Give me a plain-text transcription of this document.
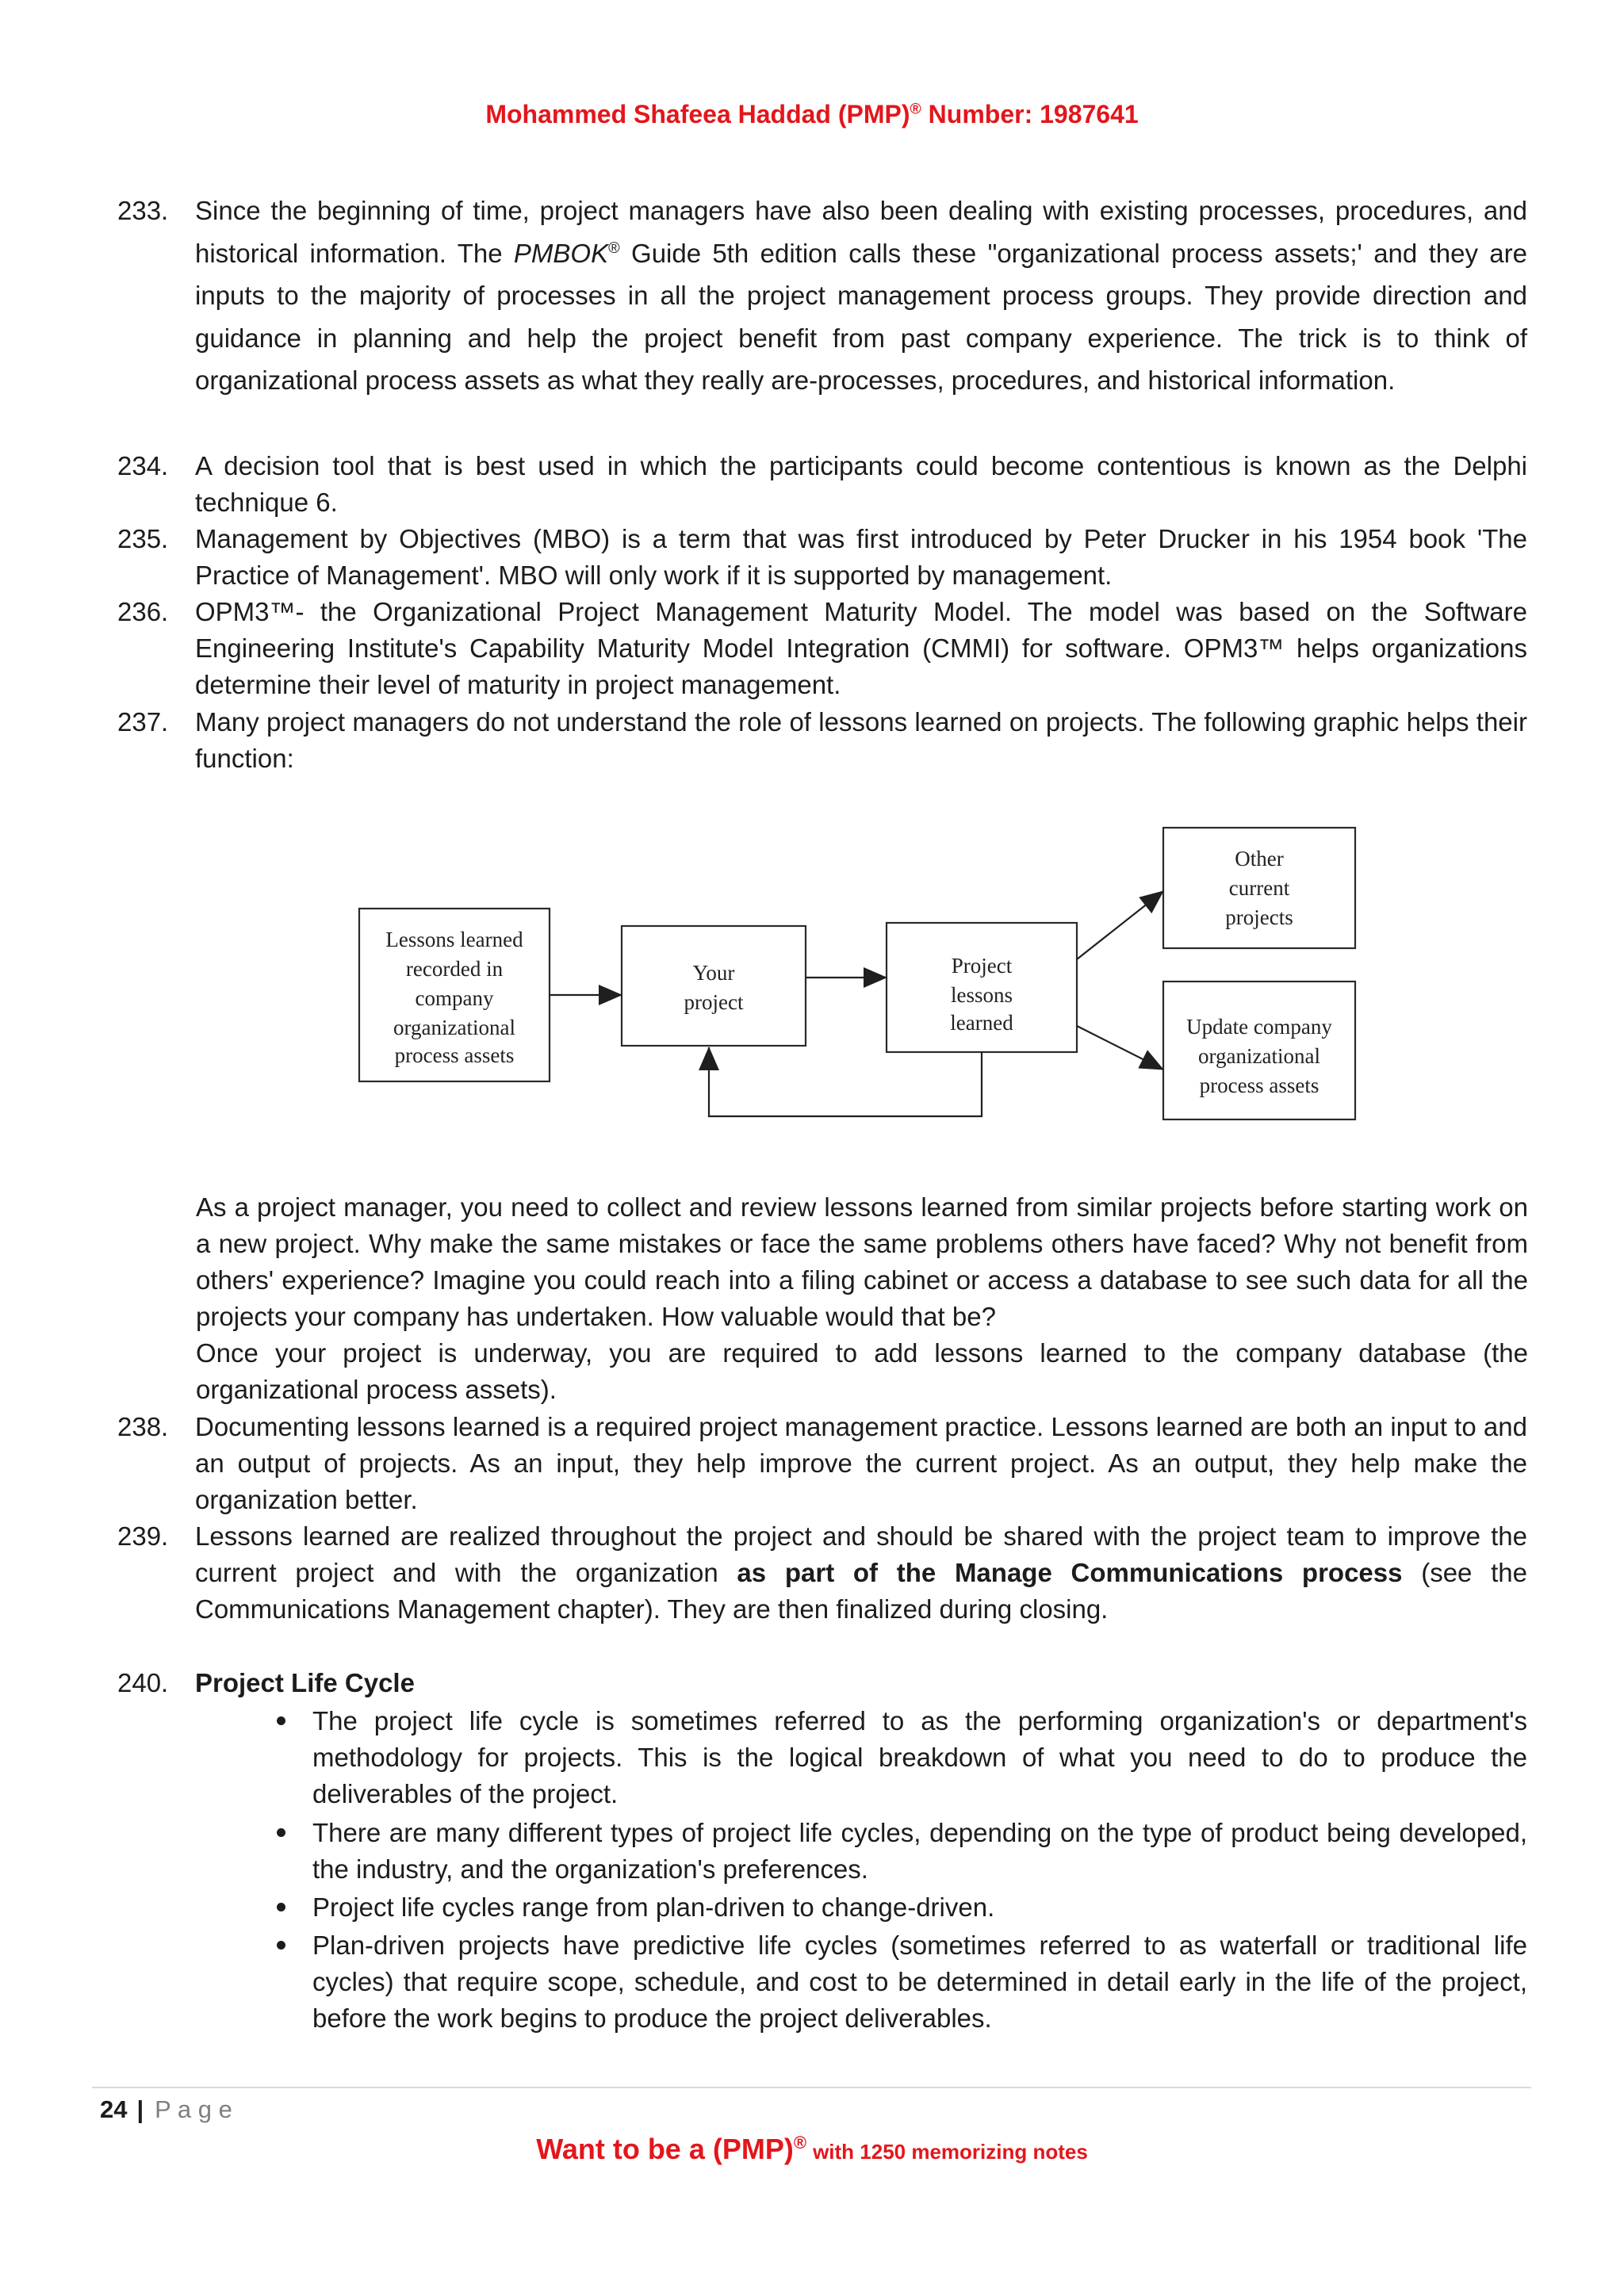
Mohammed Shafeea Haddad (PMP)® Number: 1987641
233.	Since the beginning of time, project managers have also been dealing with existing processes, procedures, and historical information. The PMBOK® Guide 5th edition calls these "organizational process assets;' and they are inputs to the majority of processes in all the project management process groups. They provide direction and guidance in planning and help the project benefit from past company experience. The trick is to think of organizational process assets as what they really are-processes, procedures, and historical information.

234.	A decision tool that is best used in which the participants could become contentious is known as the Delphi technique 6.

235.	Management by Objectives (MBO) is a term that was first introduced by Peter Drucker in his 1954 book 'The Practice of Management'. MBO will only work if it is supported by management.

236.	OPM3™- the Organizational Project Management Maturity Model. The model was based on the Software Engineering Institute's Capability Maturity Model Integration (CMMI) for software. OPM3™ helps organizations determine their level of maturity in project management.

237.	Many project managers do not understand the role of lessons learned on projects. The following graphic helps their function:

Lessons learned
recorded in
company
organizational
process assets
Your
project
Project
lessons
learned
Other
current
projects
Update company
organizational
process assets

As a project manager, you need to collect and review lessons learned from similar projects before starting work on a new project. Why make the same mistakes or face the same problems others have faced? Why not benefit from others' experience? Imagine you could reach into a filing cabinet or access a database to see such data for all the projects your company has undertaken. How valuable would that be?

Once your project is underway, you are required to add lessons learned to the company database (the organizational process assets).

238.	Documenting lessons learned is a required project management practice. Lessons learned are both an input to and an output of projects. As an input, they help improve the current project. As an output, they help make the organization better.

239.	Lessons learned are realized throughout the project and should be shared with the project team to improve the current project and with the organization as part of the Manage Communications process (see the Communications Management chapter). They are then finalized during closing.

240.	Project Life Cycle

The project life cycle is sometimes referred to as the performing organization's or department's methodology for projects. This is the logical breakdown of what you need to do to produce the deliverables of the project.

There are many different types of project life cycles, depending on the type of product being developed, the industry, and the organization's preferences.

Project life cycles range from plan-driven to change-driven.

Plan-driven projects have predictive life cycles (sometimes referred to as waterfall or traditional life cycles) that require scope, schedule, and cost to be determined in detail early in the life of the project, before the work begins to produce the project deliverables.

24 | P a g e
Want to be a (PMP)® with 1250 memorizing notes
